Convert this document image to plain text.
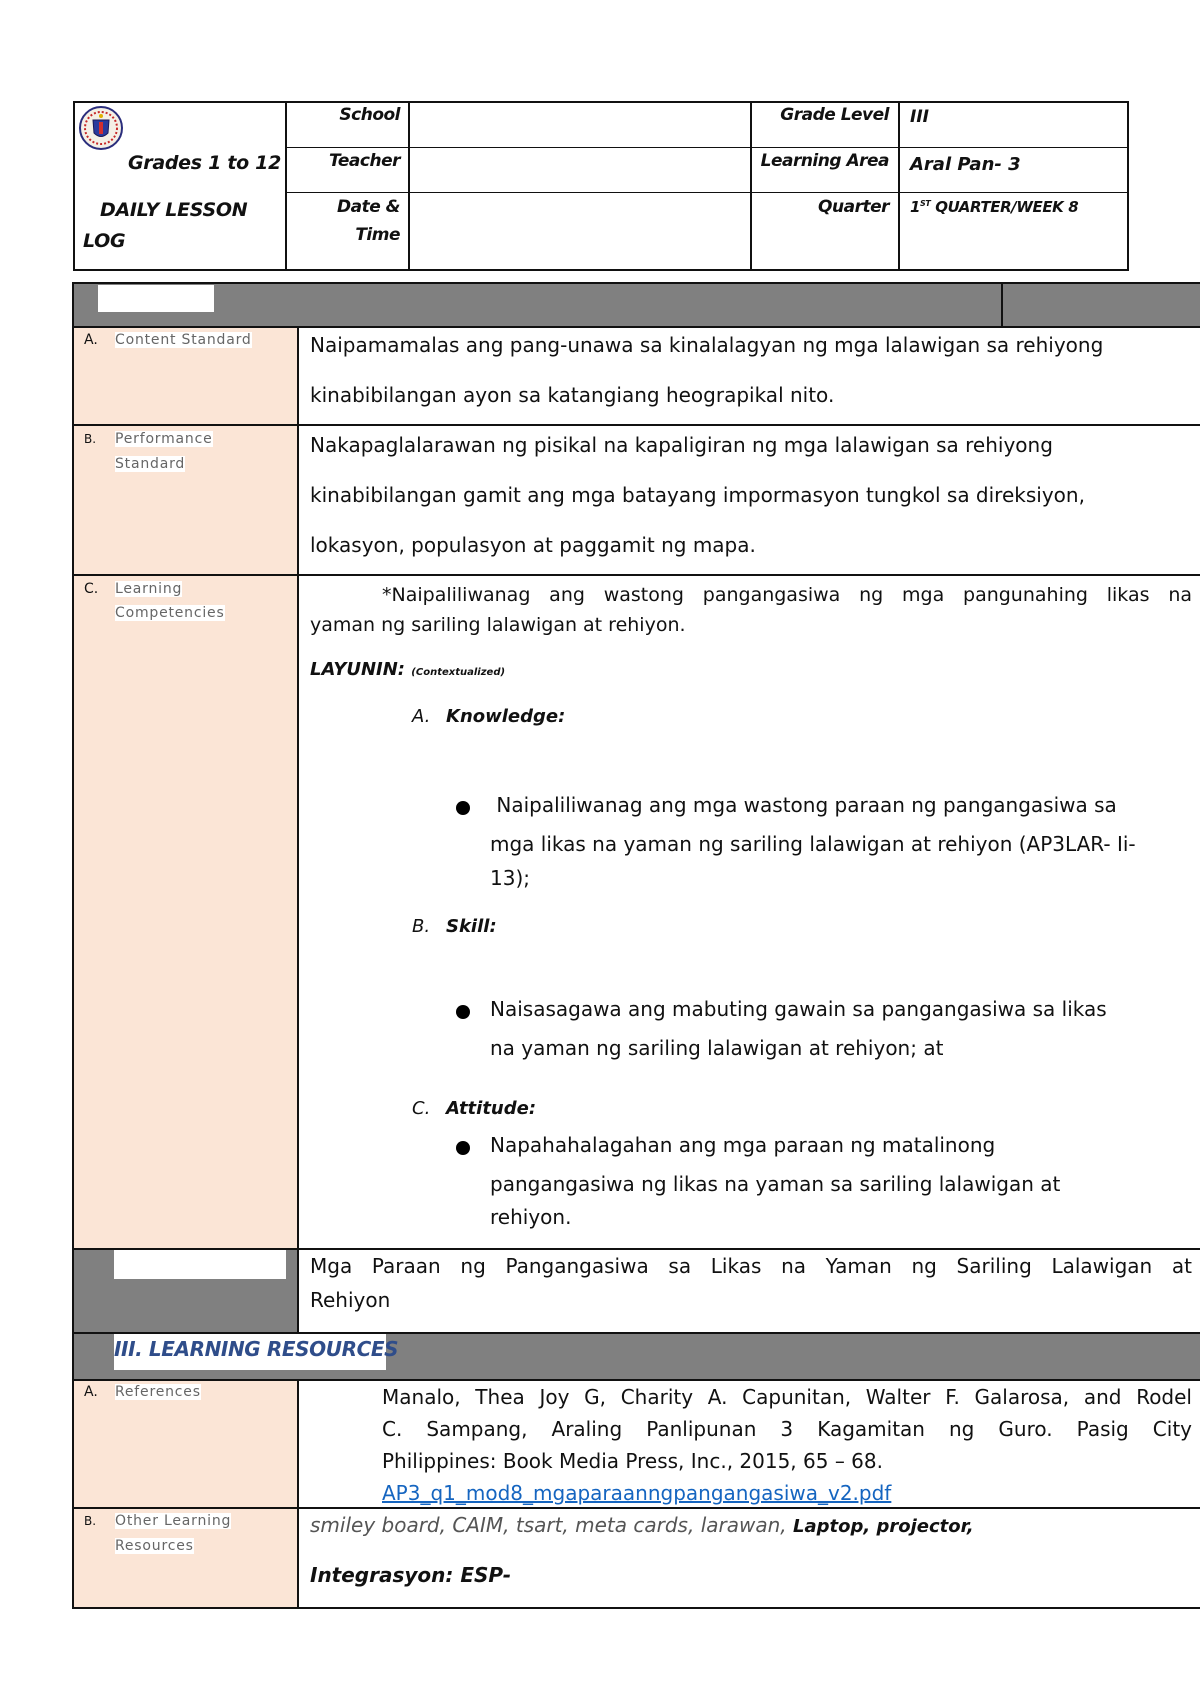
Grades 1 to 12
DAILY LESSON
LOG
School
Teacher
Date &
Time
Grade Level III
Learning Area Aral Pan- 3
Quarter 1ST QUARTER/WEEK 8
A. Content Standard	Naipamamalas ang pang-unawa sa kinalalagyan ng mga lalawigan sa rehiyong
kinabibilangan ayon sa katangiang heograpikal nito.
B. Performance
Standard
Nakapaglalarawan ng pisikal na kapaligiran ng mga lalawigan sa rehiyong
kinabibilangan gamit ang mga batayang impormasyon tungkol sa direksiyon,
lokasyon, populasyon at paggamit ng mapa.
C. Learning
Competencies
*Naipaliliwanag ang wastong pangangasiwa ng mga pangunahing likas na
yaman ng sariling lalawigan at rehiyon.
LAYUNIN: (Contextualized)
A. Knowledge:
Naipaliliwanag ang mga wastong paraan ng pangangasiwa sa
mga likas na yaman ng sariling lalawigan at rehiyon (AP3LAR- Ii-
13);
B. Skill:
Naisasagawa ang mabuting gawain sa pangangasiwa sa likas
na yaman ng sariling lalawigan at rehiyon; at
C. Attitude:
Napahahalagahan ang mga paraan ng matalinong
pangangasiwa ng likas na yaman sa sariling lalawigan at
rehiyon.
Mga Paraan ng Pangangasiwa sa Likas na Yaman ng Sariling Lalawigan at
Rehiyon
III. LEARNING RESOURCES
A. References	Manalo, Thea Joy G, Charity A. Capunitan, Walter F. Galarosa, and Rodel
C. Sampang, Araling Panlipunan 3 Kagamitan ng Guro. Pasig City
Philippines: Book Media Press, Inc., 2015, 65 – 68.
AP3_q1_mod8_mgaparaanngpangangasiwa_v2.pdf
B. Other Learning
Resources
smiley board, CAIM, tsart, meta cards, larawan, Laptop, projector,
Integrasyon: ESP-
